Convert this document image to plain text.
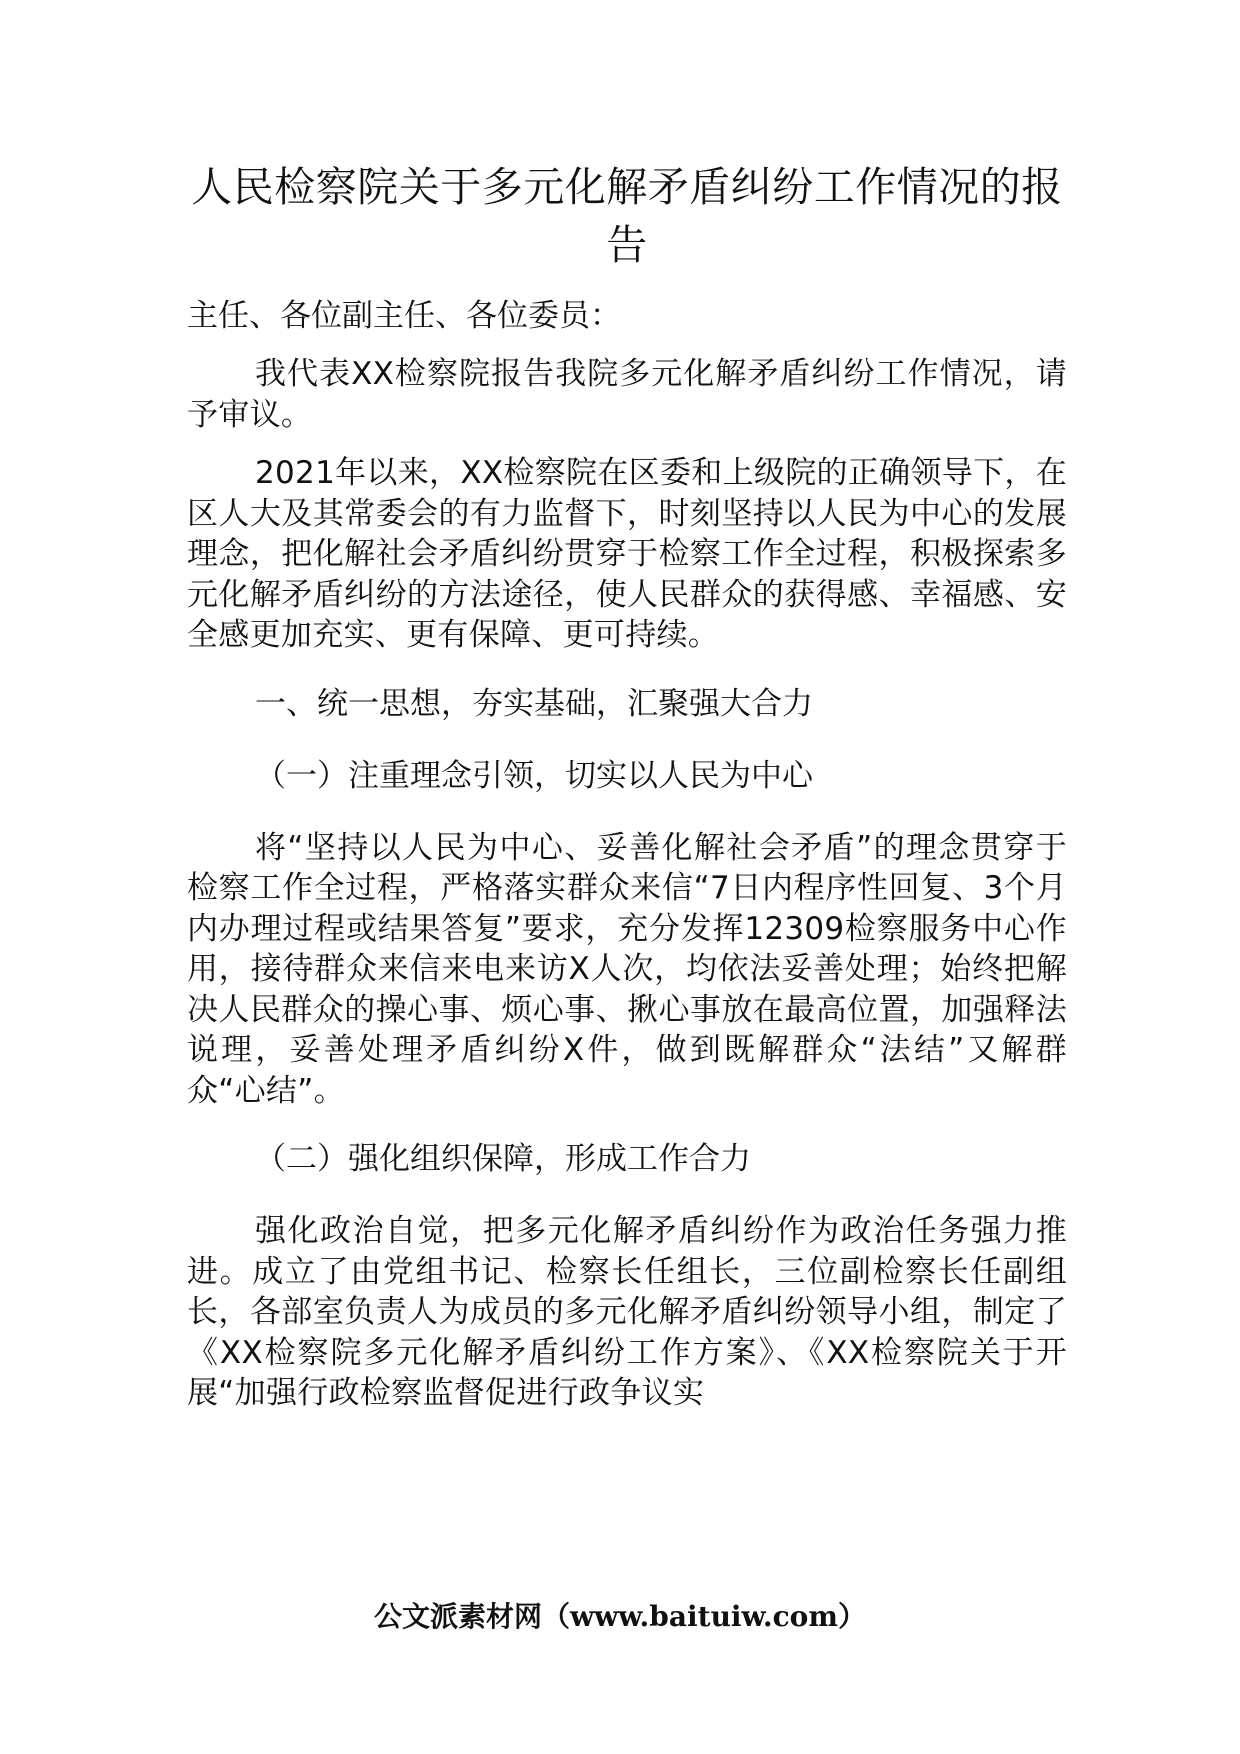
人民检察院关于多元化解矛盾纠纷工作情况的报告

主任、各位副主任、各位委员：

我代表XX检察院报告我院多元化解矛盾纠纷工作情况，请予审议。

2021年以来，XX检察院在区委和上级院的正确领导下，在区人大及其常委会的有力监督下，时刻坚持以人民为中心的发展理念，把化解社会矛盾纠纷贯穿于检察工作全过程，积极探索多元化解矛盾纠纷的方法途径，使人民群众的获得感、幸福感、安全感更加充实、更有保障、更可持续。

一、统一思想，夯实基础，汇聚强大合力

（一）注重理念引领，切实以人民为中心

将“坚持以人民为中心、妥善化解社会矛盾”的理念贯穿于检察工作全过程，严格落实群众来信“7日内程序性回复、3个月内办理过程或结果答复”要求，充分发挥12309检察服务中心作用，接待群众来信来电来访X人次，均依法妥善处理；始终把解决人民群众的操心事、烦心事、揪心事放在最高位置，加强释法说理，妥善处理矛盾纠纷X件，做到既解群众“法结”又解群众“心结”。

（二）强化组织保障，形成工作合力

强化政治自觉，把多元化解矛盾纠纷作为政治任务强力推进。成立了由党组书记、检察长任组长，三位副检察长任副组长，各部室负责人为成员的多元化解矛盾纠纷领导小组，制定了《XX检察院多元化解矛盾纠纷工作方案》、《XX检察院关于开展“加强行政检察监督促进行政争议实

公文派素材网（www.baituiw.com）
